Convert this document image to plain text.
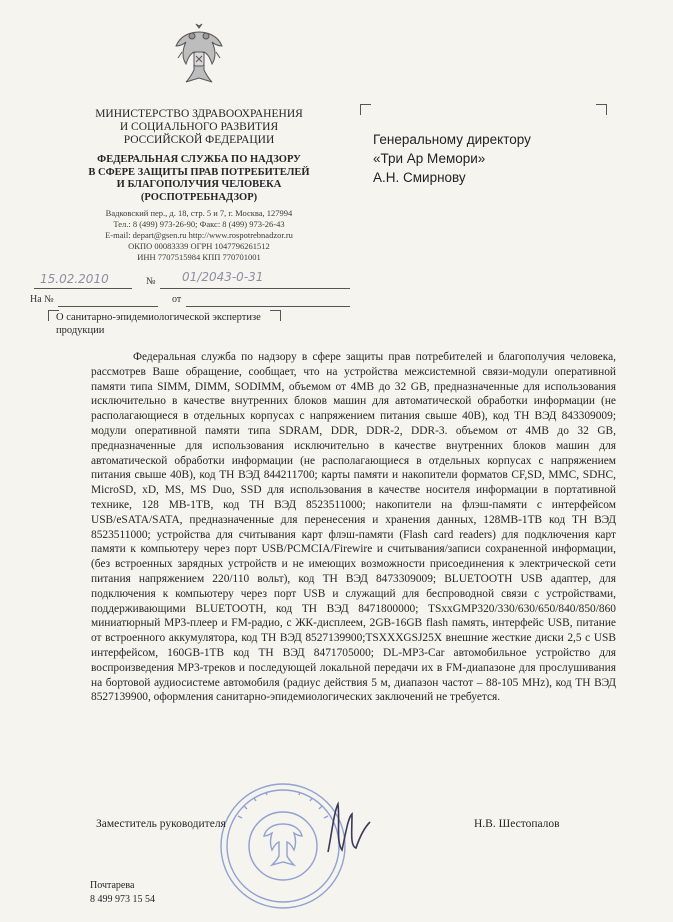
МИНИСТЕРСТВО ЗДРАВООХРАНЕНИЯ
И СОЦИАЛЬНОГО РАЗВИТИЯ
РОССИЙСКОЙ ФЕДЕРАЦИИ
ФЕДЕРАЛЬНАЯ СЛУЖБА ПО НАДЗОРУ
В СФЕРЕ ЗАЩИТЫ ПРАВ ПОТРЕБИТЕЛЕЙ
И БЛАГОПОЛУЧИЯ ЧЕЛОВЕКА
(РОСПОТРЕБНАДЗОР)
Вадковский пер., д. 18, стр. 5 и 7, г. Москва, 127994
Тел.: 8 (499) 973-26-90; Факс: 8 (499) 973-26-43
E-mail: depart@gsen.ru http://www.rospotrebnadzor.ru
ОКПО 00083339 ОГРН 1047796261512
ИНН 7707515984 КПП 770701001
15.02.2010	№ 01/2043-0-31
На №	от
О санитарно-эпидемиологической экспертизе продукции
Генеральному директору
«Три Ар Мемори»
А.Н. Смирнову
Федеральная служба по надзору в сфере защиты прав потребителей и благополучия человека, рассмотрев Ваше обращение, сообщает, что на устройства межсистемной связи-модули оперативной памяти типа SIMM, DIMM, SODIMM, объемом от 4MB до 32 GB, предназначенные для использования исключительно в качестве внутренних блоков машин для автоматической обработки информации (не располагающиеся в отдельных корпусах с напряжением питания свыше 40В), код ТН ВЭД 843309009; модули оперативной памяти типа SDRAM, DDR, DDR-2, DDR-3. объемом от 4MB до 32 GB, предназначенные для использования исключительно в качестве внутренних блоков машин для автоматической обработки информации (не располагающиеся в отдельных корпусах с напряжением питания свыше 40В), код ТН ВЭД 844211700; карты памяти и накопители форматов CF,SD, MMC, SDHC, MicroSD, xD, MS, MS Duo, SSD для использования в качестве носителя информации в портативной технике, 128 MB-1TB, код ТН ВЭД 8523511000; накопители на флэш-памяти с интерфейсом USB/eSATA/SATA, предназначенные для перенесения и хранения данных, 128MB-1TB код ТН ВЭД 8523511000; устройства для считывания карт флэш-памяти (Flash card readers) для подключения карт памяти к компьютеру через порт USB/PCMCIA/Firewire и считывания/записи сохраненной информации, (без встроенных зарядных устройств и не имеющих возможности присоединения к электрической сети питания напряжением 220/110 вольт), код ТН ВЭД 8473309009; BLUETOOTH USB адаптер, для подключения к компьютеру через порт USB и служащий для беспроводной связи с устройствами, поддерживающими BLUETOOTH, код ТН ВЭД 8471800000; TSxxGMP320/330/630/650/840/850/860 миниатюрный MP3-плеер и FM-радио, с ЖК-дисплеем, 2GB-16GB flash память, интерфейс USB, питание от встроенного аккумулятора, код ТН ВЭД 8527139900;TSXXXGSJ25X внешние жесткие диски 2,5 с USB интерфейсом, 160GB-1TB код ТН ВЭД 8471705000; DL-MP3-Car автомобильное устройство для воспроизведения MP3-треков и последующей локальной передачи их в FM-диапазоне для прослушивания на бортовой аудиосистеме автомобиля (радиус действия 5 м, диапазон частот – 88-105 MHz), код ТН ВЭД 8527139900, оформления санитарно-эпидемиологических заключений не требуется.
Заместитель руководителя	Н.В. Шестопалов
Почтарева
8 499 973 15 54
